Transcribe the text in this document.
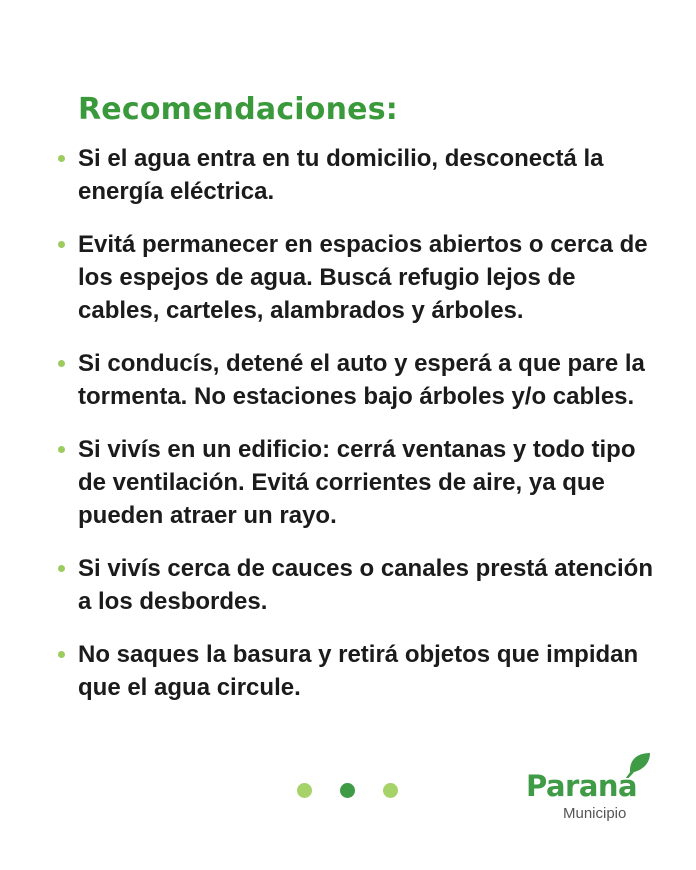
Recomendaciones:
Si el agua entra en tu domicilio, desconectá la energía eléctrica.
Evitá permanecer en espacios abiertos o cerca de los espejos de agua. Buscá refugio lejos de cables, carteles, alambrados y árboles.
Si conducís, detené el auto y esperá a que pare la tormenta. No estaciones bajo árboles y/o cables.
Si vivís en un edificio: cerrá ventanas y todo tipo de ventilación. Evitá corrientes de aire, ya que pueden atraer un rayo.
Si vivís cerca de cauces o canales prestá atención a los desbordes.
No saques la basura y retirá objetos que impidan que el agua circule.
Paraná
Municipio
